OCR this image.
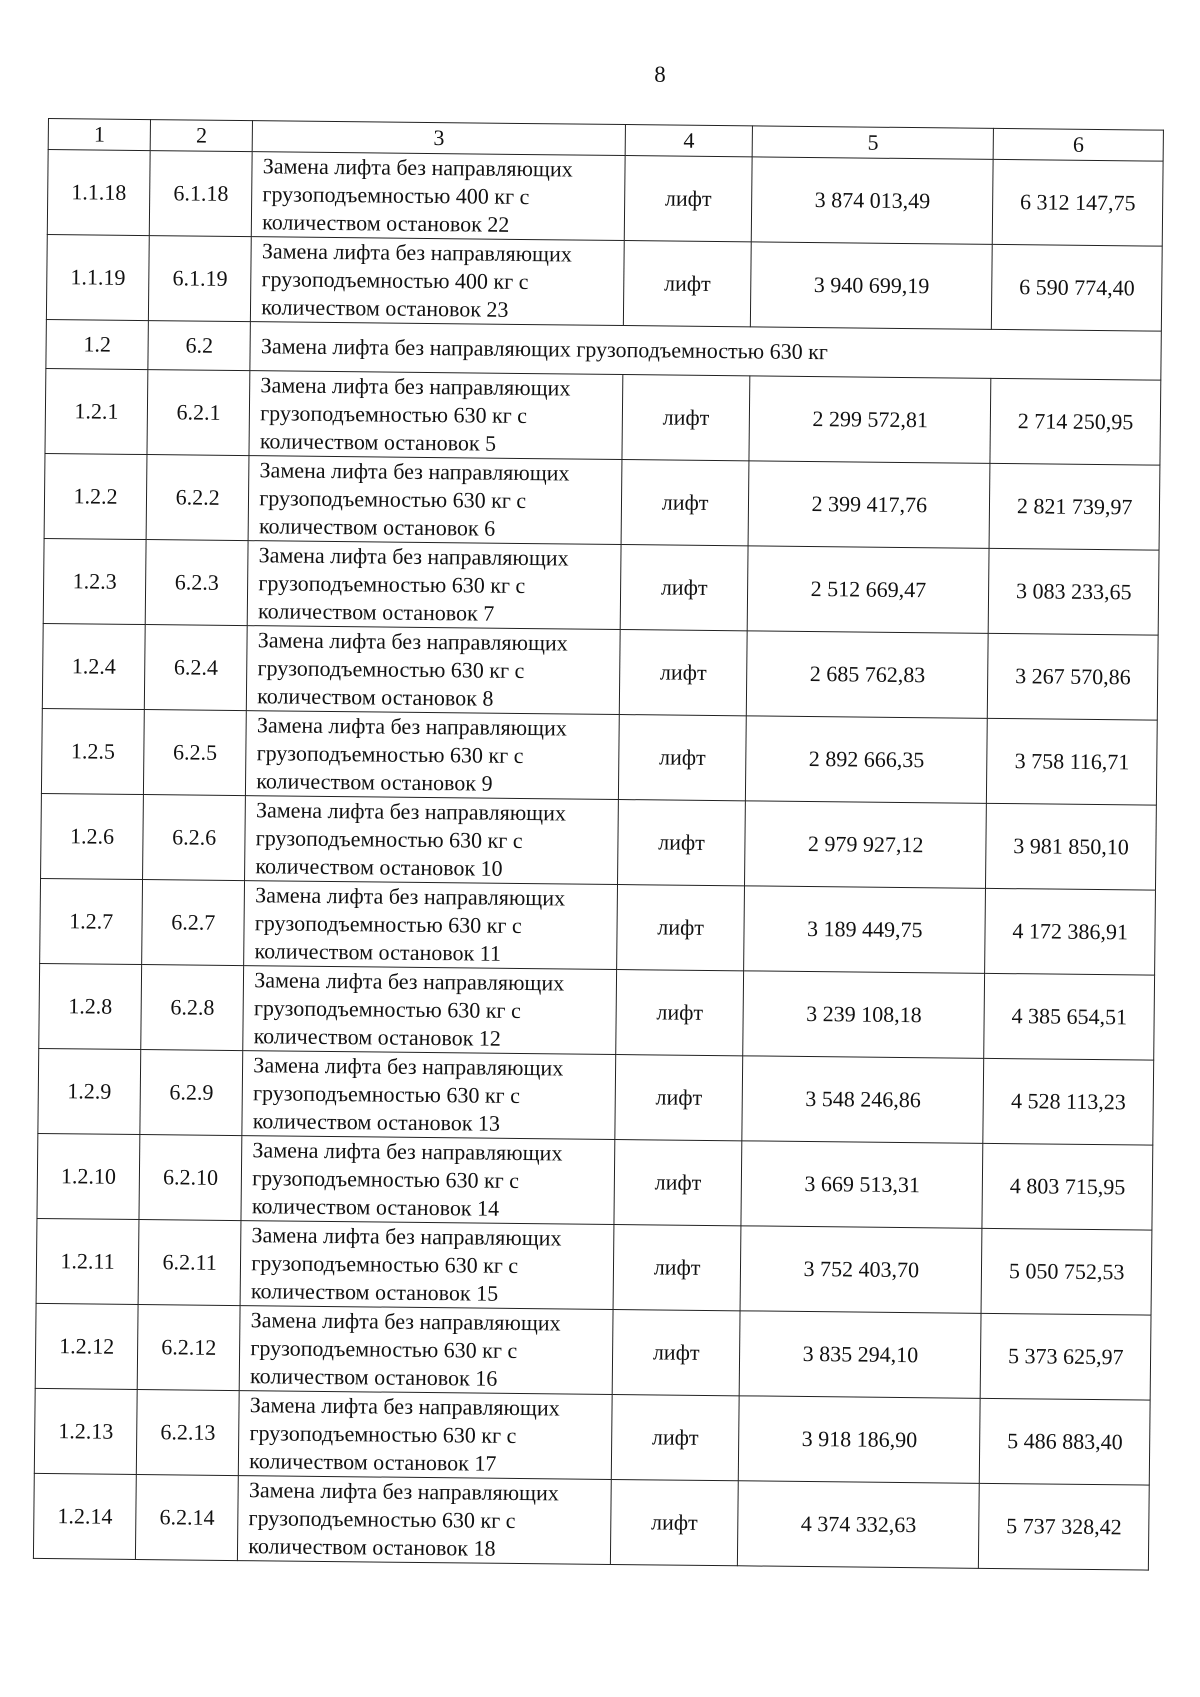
8
1	2	3	4	5	6
1.1.18	6.1.18	Замена лифта без направляющих
грузоподъемностью 400 кг с
количеством остановок 22	лифт	3 874 013,49	6 312 147,75
1.1.19	6.1.19	Замена лифта без направляющих
грузоподъемностью 400 кг с
количеством остановок 23	лифт	3 940 699,19	6 590 774,40
1.2	6.2	Замена лифта без направляющих грузоподъемностью 630 кг			
1.2.1	6.2.1	Замена лифта без направляющих
грузоподъемностью 630 кг с
количеством остановок 5	лифт	2 299 572,81	2 714 250,95
1.2.2	6.2.2	Замена лифта без направляющих
грузоподъемностью 630 кг с
количеством остановок 6	лифт	2 399 417,76	2 821 739,97
1.2.3	6.2.3	Замена лифта без направляющих
грузоподъемностью 630 кг с
количеством остановок 7	лифт	2 512 669,47	3 083 233,65
1.2.4	6.2.4	Замена лифта без направляющих
грузоподъемностью 630 кг с
количеством остановок 8	лифт	2 685 762,83	3 267 570,86
1.2.5	6.2.5	Замена лифта без направляющих
грузоподъемностью 630 кг с
количеством остановок 9	лифт	2 892 666,35	3 758 116,71
1.2.6	6.2.6	Замена лифта без направляющих
грузоподъемностью 630 кг с
количеством остановок 10	лифт	2 979 927,12	3 981 850,10
1.2.7	6.2.7	Замена лифта без направляющих
грузоподъемностью 630 кг с
количеством остановок 11	лифт	3 189 449,75	4 172 386,91
1.2.8	6.2.8	Замена лифта без направляющих
грузоподъемностью 630 кг с
количеством остановок 12	лифт	3 239 108,18	4 385 654,51
1.2.9	6.2.9	Замена лифта без направляющих
грузоподъемностью 630 кг с
количеством остановок 13	лифт	3 548 246,86	4 528 113,23
1.2.10	6.2.10	Замена лифта без направляющих
грузоподъемностью 630 кг с
количеством остановок 14	лифт	3 669 513,31	4 803 715,95
1.2.11	6.2.11	Замена лифта без направляющих
грузоподъемностью 630 кг с
количеством остановок 15	лифт	3 752 403,70	5 050 752,53
1.2.12	6.2.12	Замена лифта без направляющих
грузоподъемностью 630 кг с
количеством остановок 16	лифт	3 835 294,10	5 373 625,97
1.2.13	6.2.13	Замена лифта без направляющих
грузоподъемностью 630 кг с
количеством остановок 17	лифт	3 918 186,90	5 486 883,40
1.2.14	6.2.14	Замена лифта без направляющих
грузоподъемностью 630 кг с
количеством остановок 18	лифт	4 374 332,63	5 737 328,42
